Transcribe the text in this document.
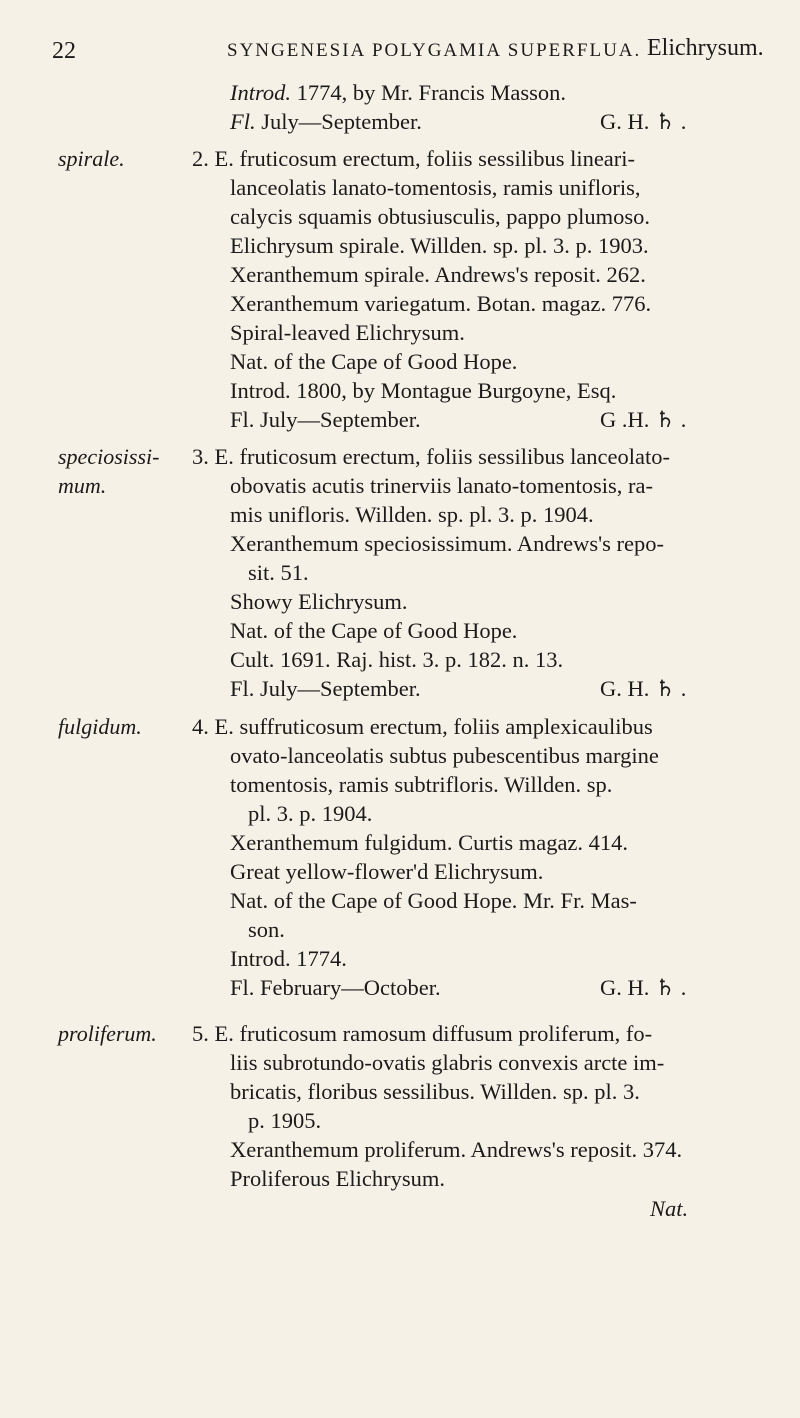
22	SYNGENESIA POLYGAMIA SUPERFLUA. Elichrysum.
Introd. 1774, by Mr. Francis Masson.
Fl. July—September.	G. H. ♄ .
spirale.	2. E. fruticosum erectum, foliis sessilibus lineari-
lanceolatis lanato-tomentosis, ramis unifloris,
calycis squamis obtusiusculis, pappo plumoso.
Elichrysum spirale. Willden. sp. pl. 3. p. 1903.
Xeranthemum spirale. Andrews's reposit. 262.
Xeranthemum variegatum. Botan. magaz. 776.
Spiral-leaved Elichrysum.
Nat. of the Cape of Good Hope.
Introd. 1800, by Montague Burgoyne, Esq.
Fl. July—September.	G .H. ♄ .
speciosissi-
mum.
3. E. fruticosum erectum, foliis sessilibus lanceolato-
obovatis acutis trinerviis lanato-tomentosis, ra-
mis unifloris. Willden. sp. pl. 3. p. 1904.
Xeranthemum speciosissimum. Andrews's repo-
sit. 51.
Showy Elichrysum.
Nat. of the Cape of Good Hope.
Cult. 1691. Raj. hist. 3. p. 182. n. 13.
Fl. July—September.	G. H. ♄ .
fulgidum. 4. E. suffruticosum erectum, foliis amplexicaulibus
ovato-lanceolatis subtus pubescentibus margine
tomentosis, ramis subtrifloris. Willden. sp.
pl. 3. p. 1904.
Xeranthemum fulgidum. Curtis magaz. 414.
Great yellow-flower'd Elichrysum.
Nat. of the Cape of Good Hope. Mr. Fr. Mas-
son.
Introd. 1774.
Fl. February—October.	G. H. ♄ .
proliferum. 5. E. fruticosum ramosum diffusum proliferum, fo-
liis subrotundo-ovatis glabris convexis arcte im-
bricatis, floribus sessilibus. Willden. sp. pl. 3.
p. 1905.
Xeranthemum proliferum. Andrews's reposit. 374.
Proliferous Elichrysum.
Nat.
